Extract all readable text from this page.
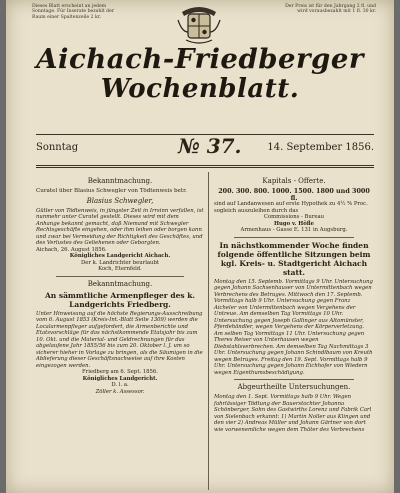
Dieses Blatt erscheint an jedem Sonntage. Für Inserate bezahlt der Raum einer Spaltenzeile 2 kr.
Der Preis ist für den Jahrgang 2 fl. und wird vorausbezahlt mit 1 fl. 30 kr.
Aichach-Friedberger
Wochenblatt.
Sonntag	№ 37.	14. September 1856.
Bekanntmachung.

Curatel über Blasius Schwegler von Tödtenweis betr.

Blasius Schwegler,

Gütler von Tödtenweis, in jüngster Zeit in Irrsinn verfallen, ist nunmehr unter Curatel gestellt. Dieses wird mit dem Anhange bekannt gemacht, daß Niemand mit Schwegler Rechtsgeschäfte eingehen, oder ihm leihen oder borgen kann und zwar bei Vermeidung der Richtigkeit des Geschäftes, und des Verlustes des Geliehenen oder Geborgten.

Aichach, 26. August 1856.

Königliches Landgericht Aichach.

Der k. Landrichter beurlaubt

Koch, Eternfeld.

Bekanntmachung.
An sämmtliche Armenpfleger des k. Landgerichts Friedberg.

Unter Hinweisung auf die höchste Regierungs-Ausschreibung vom 6. August 1853 (Kreis-Int.-Blatt Seite 1309) werden die Localarmenpfleger aufgefordert, die Armenberichte und Etatsvorschläge für das nächstkommende Etatsjahr bis zum 10. Okt. und die Material- und Geldrechnungen für das abgelaufene Jahr 1855/56 bis zum 20. Oktober l. J. um so sicherer hieher in Vorlage zu bringen, als die Säumigen in die Ablieferung dieser Geschäftsnachweise auf ihre Kosten eingezogen werden.

Friedberg am 6. Sept. 1856.

Königliches Landgericht.

D. l. a.

Zöller k. Assessor.

Kapitals - Offerte.

200. 300. 800. 1000. 1500. 1800 und 3000 fl.

sind auf Landanwesen auf erste Hypothek zu 4½ % Proc. sogleich auszuleihen durch das

Commissions - Bureau

Hugo v. Höfle

Armenhaus - Gasse E. 131 in Augsburg.

In nächstkommender Woche finden folgende öffentliche Sitzungen beim kgl. Kreis- u. Stadtgericht Aichach statt.

Montag den 15. Septemb. Vormittags 9 Uhr. Untersuchung gegen Johann Sachsenhauser von Untermittenbach wegen Verbrechens des Betruges. Mittwoch den 17. Septemb. Vormittags halb 9 Uhr. Untersuchung gegen Franz Aicheler von Untermittenbach wegen Vergehens der Untreue. Am demselben Tag Vormittags 10 Uhr. Untersuchung gegen Joseph Gallinger aus Altomünster, Pferdehändler, wegen Vergehens der Körperverletzung. Am selben Tag Vormittags 11 Uhr. Untersuchung gegen Theres Reiser von Unterhausen wegen Diebstahlsverbrechen. Am demselben Tag Nachmittags 3 Uhr. Untersuchung gegen Johann Schindlbaum von Kreuth wegen Betruges. Freitag den 19. Sept. Vormittags halb 9 Uhr. Untersuchung gegen Johann Eichhofer von Wiedern wegen Eigenthumsbeschädigung.

Abgeurtheilte Untersuchungen.

Montag den 1. Sept. Vormittags halb 9 Uhr. Wegen fahrlässiger Tödtung der Bauerstochter Johanna Schönberger, Sohn des Gastwirths Lorenz und Fabrik Carl von Sielenbach erkannt: 1) Martin Noller aus Klingen und den vier 2) Andreas Müller und Johann Gärtner von dort wie vorwenemliche wegen dem Thäter des Verbrechens
